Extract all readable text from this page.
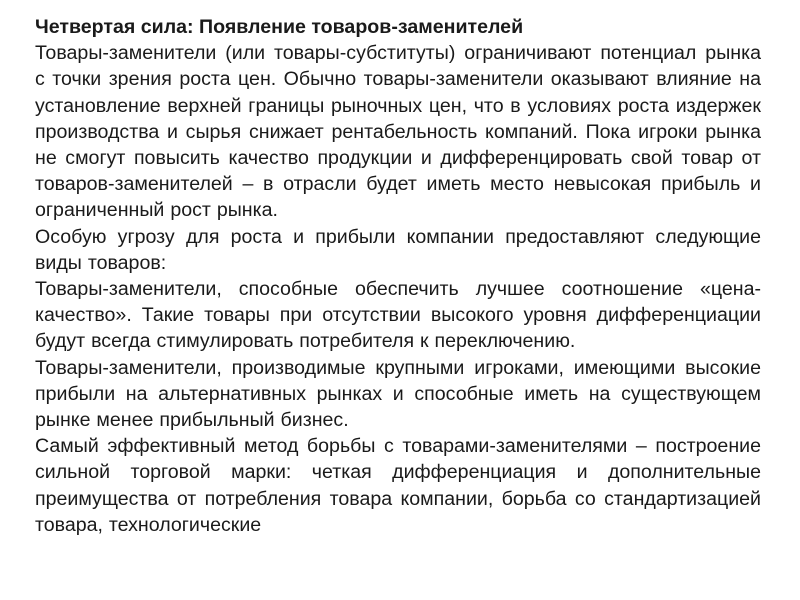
Четвертая сила: Появление товаров-заменителей

Товары-заменители (или товары-субституты) ограничивают потенциал рынка с точки зрения роста цен. Обычно товары-заменители оказывают влияние на установление верхней границы рыночных цен, что в условиях роста издержек производства и сырья снижает рентабельность компаний. Пока игроки рынка не смогут повысить качество продукции и дифференцировать свой товар от товаров-заменителей – в отрасли будет иметь место невысокая прибыль и ограниченный рост рынка.

Особую угрозу для роста и прибыли компании предоставляют следующие виды товаров:

Товары-заменители, способные обеспечить лучшее соотношение «цена-качество». Такие товары при отсутствии высокого уровня дифференциации будут всегда стимулировать потребителя к переключению.

Товары-заменители, производимые крупными игроками, имеющими высокие прибыли на альтернативных рынках и способные иметь на существующем рынке менее прибыльный бизнес.

Самый эффективный метод борьбы с товарами-заменителями – построение сильной торговой марки: четкая дифференциация и дополнительные преимущества от потребления товара компании, борьба со стандартизацией товара, технологические
